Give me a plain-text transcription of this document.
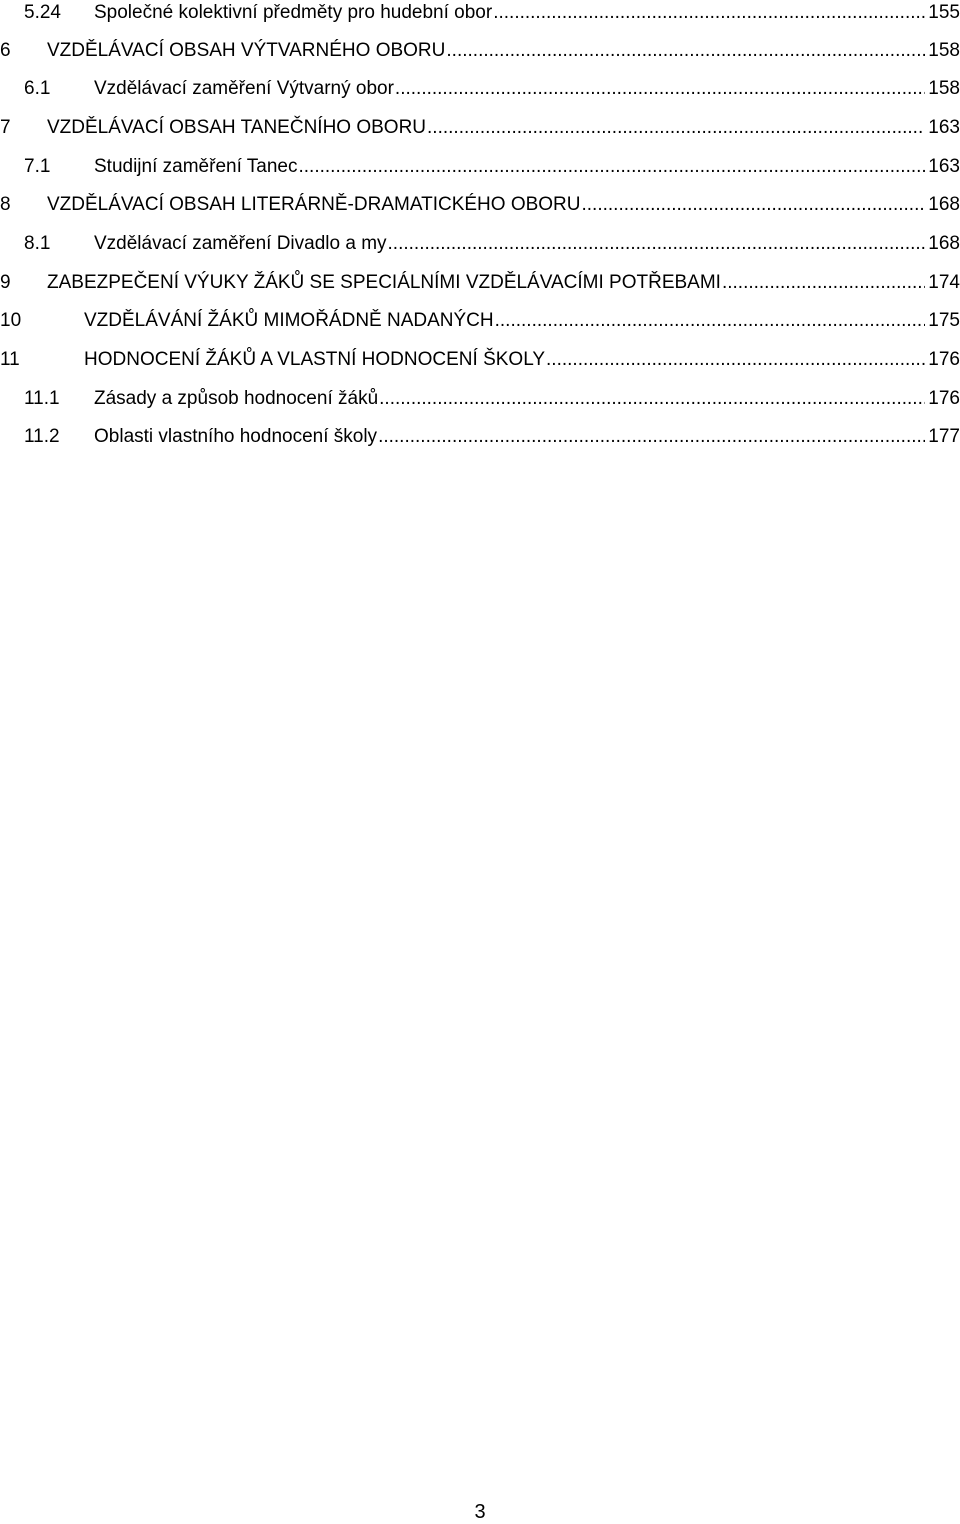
5.24 Společné kolektivní předměty pro hudební obor .....	155
6 VZDĚLÁVACÍ OBSAH VÝTVARNÉHO OBORU .....	158
6.1 Vzdělávací zaměření Výtvarný obor .....	158
7 VZDĚLÁVACÍ OBSAH TANEČNÍHO OBORU .....	163
7.1 Studijní zaměření Tanec .....	163
8 VZDĚLÁVACÍ OBSAH LITERÁRNĚ-DRAMATICKÉHO OBORU .....	168
8.1 Vzdělávací zaměření Divadlo a my .....	168
9 ZABEZPEČENÍ VÝUKY ŽÁKŮ SE SPECIÁLNÍMI VZDĚLÁVACÍMI POTŘEBAMI .....	174
10	VZDĚLÁVÁNÍ ŽÁKŮ MIMOŘÁDNĚ NADANÝCH .....	175
11	HODNOCENÍ ŽÁKŮ A VLASTNÍ HODNOCENÍ ŠKOLY .....	176
11.1 Zásady a způsob hodnocení žáků .....	176
11.2 Oblasti vlastního hodnocení školy .....	177
3
